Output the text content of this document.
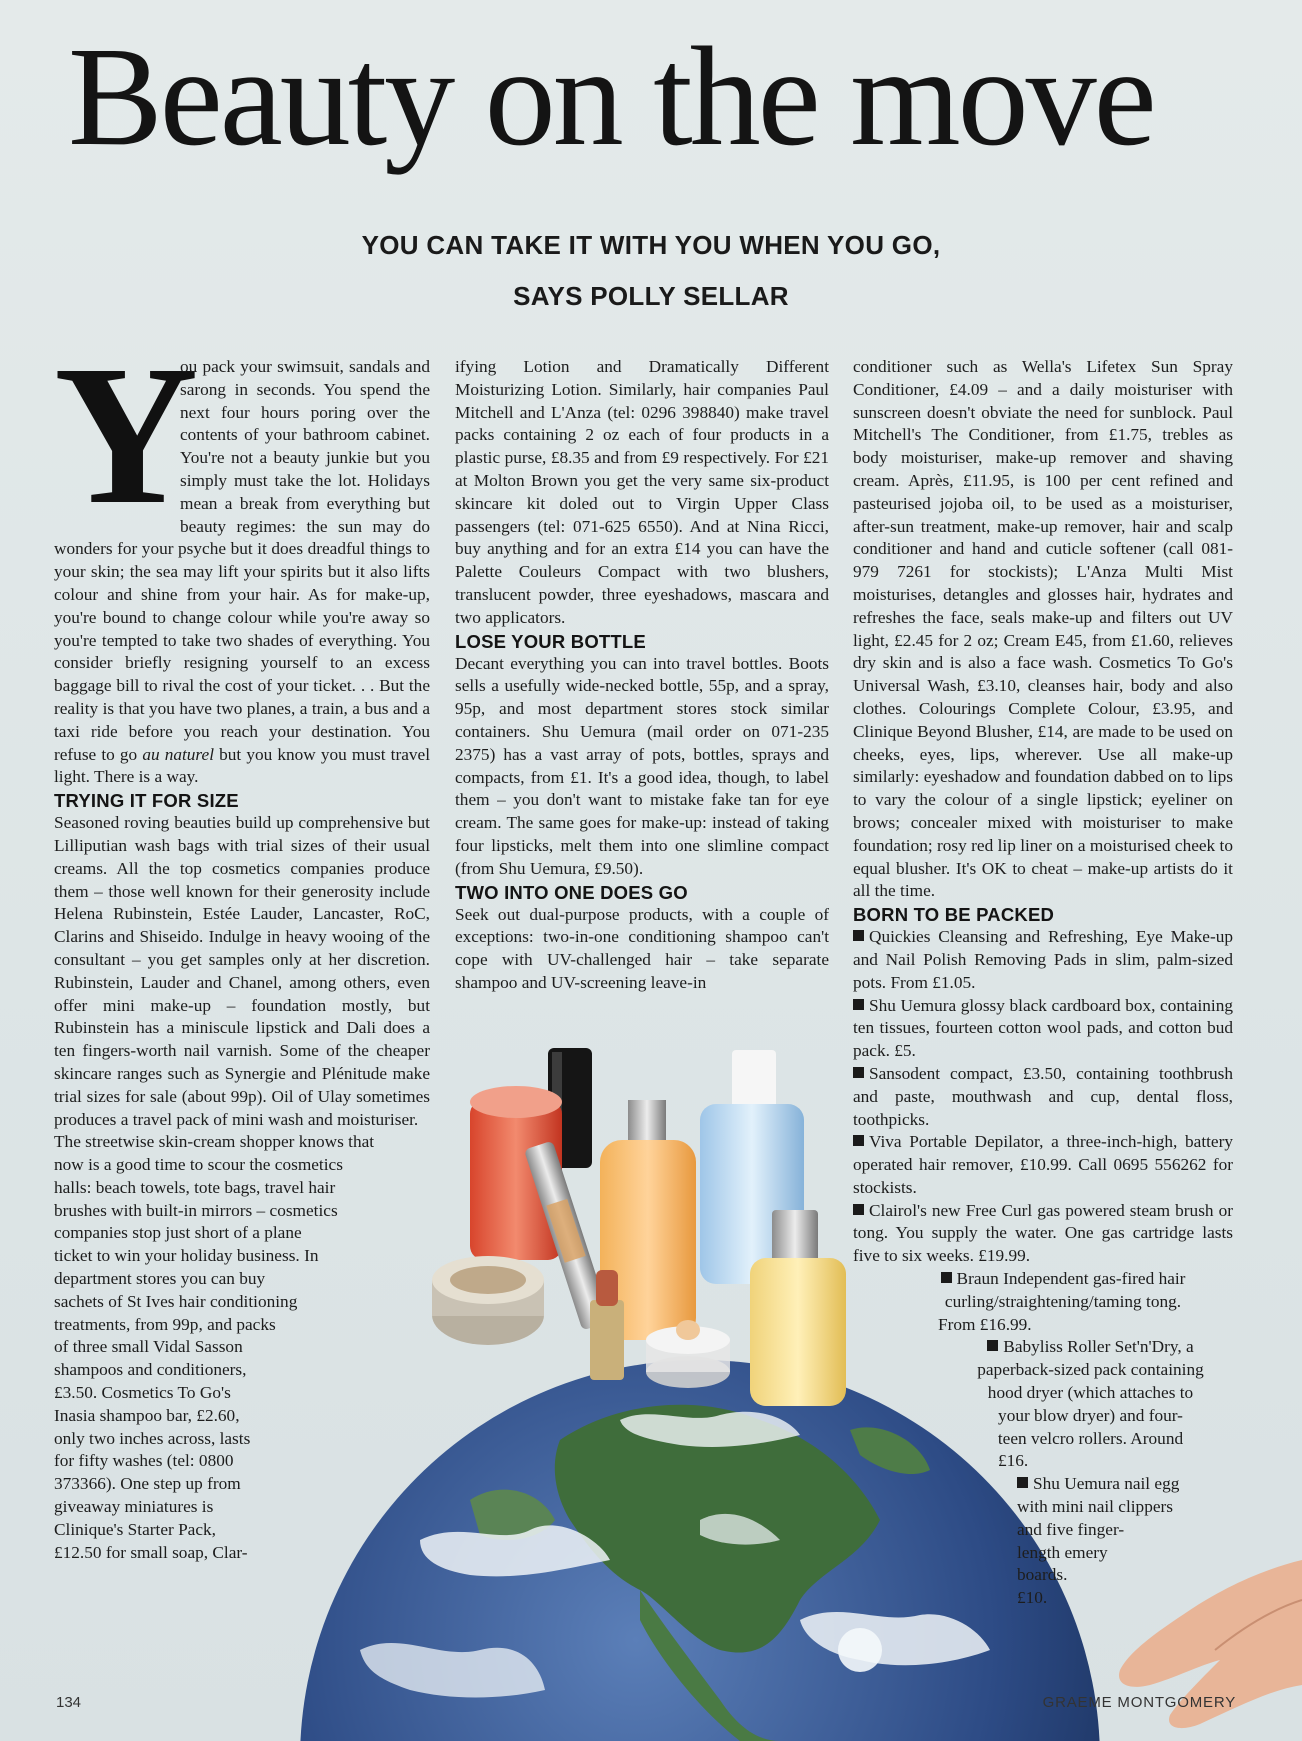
Beauty on the move
YOU CAN TAKE IT WITH YOU WHEN YOU GO,
SAYS POLLY SELLAR

Y
ou pack your swimsuit, sandals and sarong in seconds. You spend the next four hours poring over the contents of your bathroom cabinet. You're not a beauty junkie but you simply must take the lot. Holidays mean a break from everything but beauty regimes: the sun may do wonders for your psyche but it does dreadful things to your skin; the sea may lift your spirits but it also lifts colour and shine from your hair. As for make-up, you're bound to change colour while you're away so you're tempted to take two shades of everything. You consider briefly resigning yourself to an excess baggage bill to rival the cost of your ticket. . . But the reality is that you have two planes, a train, a bus and a taxi ride before you reach your destination. You refuse to go au naturel but you know you must travel light. There is a way.

TRYING IT FOR SIZE

Seasoned roving beauties build up comprehensive but Lilliputian wash bags with trial sizes of their usual creams. All the top cosmetics companies produce them – those well known for their generosity include Helena Rubinstein, Estée Lauder, Lancaster, RoC, Clarins and Shiseido. Indulge in heavy wooing of the consultant – you get samples only at her discretion. Rubinstein, Lauder and Chanel, among others, even offer mini make-up – foundation mostly, but Rubinstein has a miniscule lipstick and Dali does a ten fingers-worth nail varnish. Some of the cheaper skincare ranges such as Synergie and Plénitude make trial sizes for sale (about 99p). Oil of Ulay sometimes produces a travel pack of mini wash and moisturiser.

The streetwise skin-cream shopper knows that
now is a good time to scour the cosmetics
halls: beach towels, tote bags, travel hair
brushes with built-in mirrors – cosmetics
companies stop just short of a plane
ticket to win your holiday business. In
department stores you can buy
sachets of St Ives hair conditioning
treatments, from 99p, and packs
of three small Vidal Sasson
shampoos and conditioners,
£3.50. Cosmetics To Go's
Inasia shampoo bar, £2.60,
only two inches across, lasts
for fifty washes (tel: 0800
373366). One step up from
giveaway miniatures is
Clinique's Starter Pack,
£12.50 for small soap, Clar-

ifying Lotion and Dramatically Different Moisturizing Lotion. Similarly, hair companies Paul Mitchell and L'Anza (tel: 0296 398840) make travel packs containing 2 oz each of four products in a plastic purse, £8.35 and from £9 respectively. For £21 at Molton Brown you get the very same six-product skincare kit doled out to Virgin Upper Class passengers (tel: 071-625 6550). And at Nina Ricci, buy anything and for an extra £14 you can have the Palette Couleurs Compact with two blushers, translucent powder, three eyeshadows, mascara and two applicators.

LOSE YOUR BOTTLE

Decant everything you can into travel bottles. Boots sells a usefully wide-necked bottle, 55p, and a spray, 95p, and most department stores stock similar containers. Shu Uemura (mail order on 071-235 2375) has a vast array of pots, bottles, sprays and compacts, from £1. It's a good idea, though, to label them – you don't want to mistake fake tan for eye cream. The same goes for make-up: instead of taking four lipsticks, melt them into one slimline compact (from Shu Uemura, £9.50).

TWO INTO ONE DOES GO

Seek out dual-purpose products, with a couple of exceptions: two-in-one conditioning shampoo can't cope with UV-challenged hair – take separate shampoo and UV-screening leave-in

conditioner such as Wella's Lifetex Sun Spray Conditioner, £4.09 – and a daily moisturiser with sunscreen doesn't obviate the need for sunblock. Paul Mitchell's The Conditioner, from £1.75, trebles as body moisturiser, make-up remover and shaving cream. Après, £11.95, is 100 per cent refined and pasteurised jojoba oil, to be used as a moisturiser, after-sun treatment, make-up remover, hair and scalp conditioner and hand and cuticle softener (call 081-979 7261 for stockists); L'Anza Multi Mist moisturises, detangles and glosses hair, hydrates and refreshes the face, seals make-up and filters out UV light, £2.45 for 2 oz; Cream E45, from £1.60, relieves dry skin and is also a face wash. Cosmetics To Go's Universal Wash, £3.10, cleanses hair, body and also clothes. Colourings Complete Colour, £3.95, and Clinique Beyond Blusher, £14, are made to be used on cheeks, eyes, lips, wherever. Use all make-up similarly: eyeshadow and foundation dabbed on to lips to vary the colour of a single lipstick; eyeliner on brows; concealer mixed with moisturiser to make foundation; rosy red lip liner on a moisturised cheek to equal blusher. It's OK to cheat – make-up artists do it all the time.

BORN TO BE PACKED

Quickies Cleansing and Refreshing, Eye Make-up and Nail Polish Removing Pads in slim, palm-sized pots. From £1.05.

Shu Uemura glossy black cardboard box, containing ten tissues, fourteen cotton wool pads, and cotton bud pack. £5.

Sansodent compact, £3.50, containing toothbrush and paste, mouthwash and cup, dental floss, toothpicks.

Viva Portable Depilator, a three-inch-high, battery operated hair remover, £10.99. Call 0695 556262 for stockists.

Clairol's new Free Curl gas powered steam brush or tong. You supply the water. One gas cartridge lasts five to six weeks. £19.99.

Braun Independent gas-fired hair
curling/straightening/taming tong.
From £16.99.
Babyliss Roller Set'n'Dry, a
paperback-sized pack containing
hood dryer (which attaches to
your blow dryer) and four-
teen velcro rollers. Around
£16.
Shu Uemura nail egg
with mini nail clippers
and five finger-
length emery
boards.
£10.
134	GRAEME MONTGOMERY
